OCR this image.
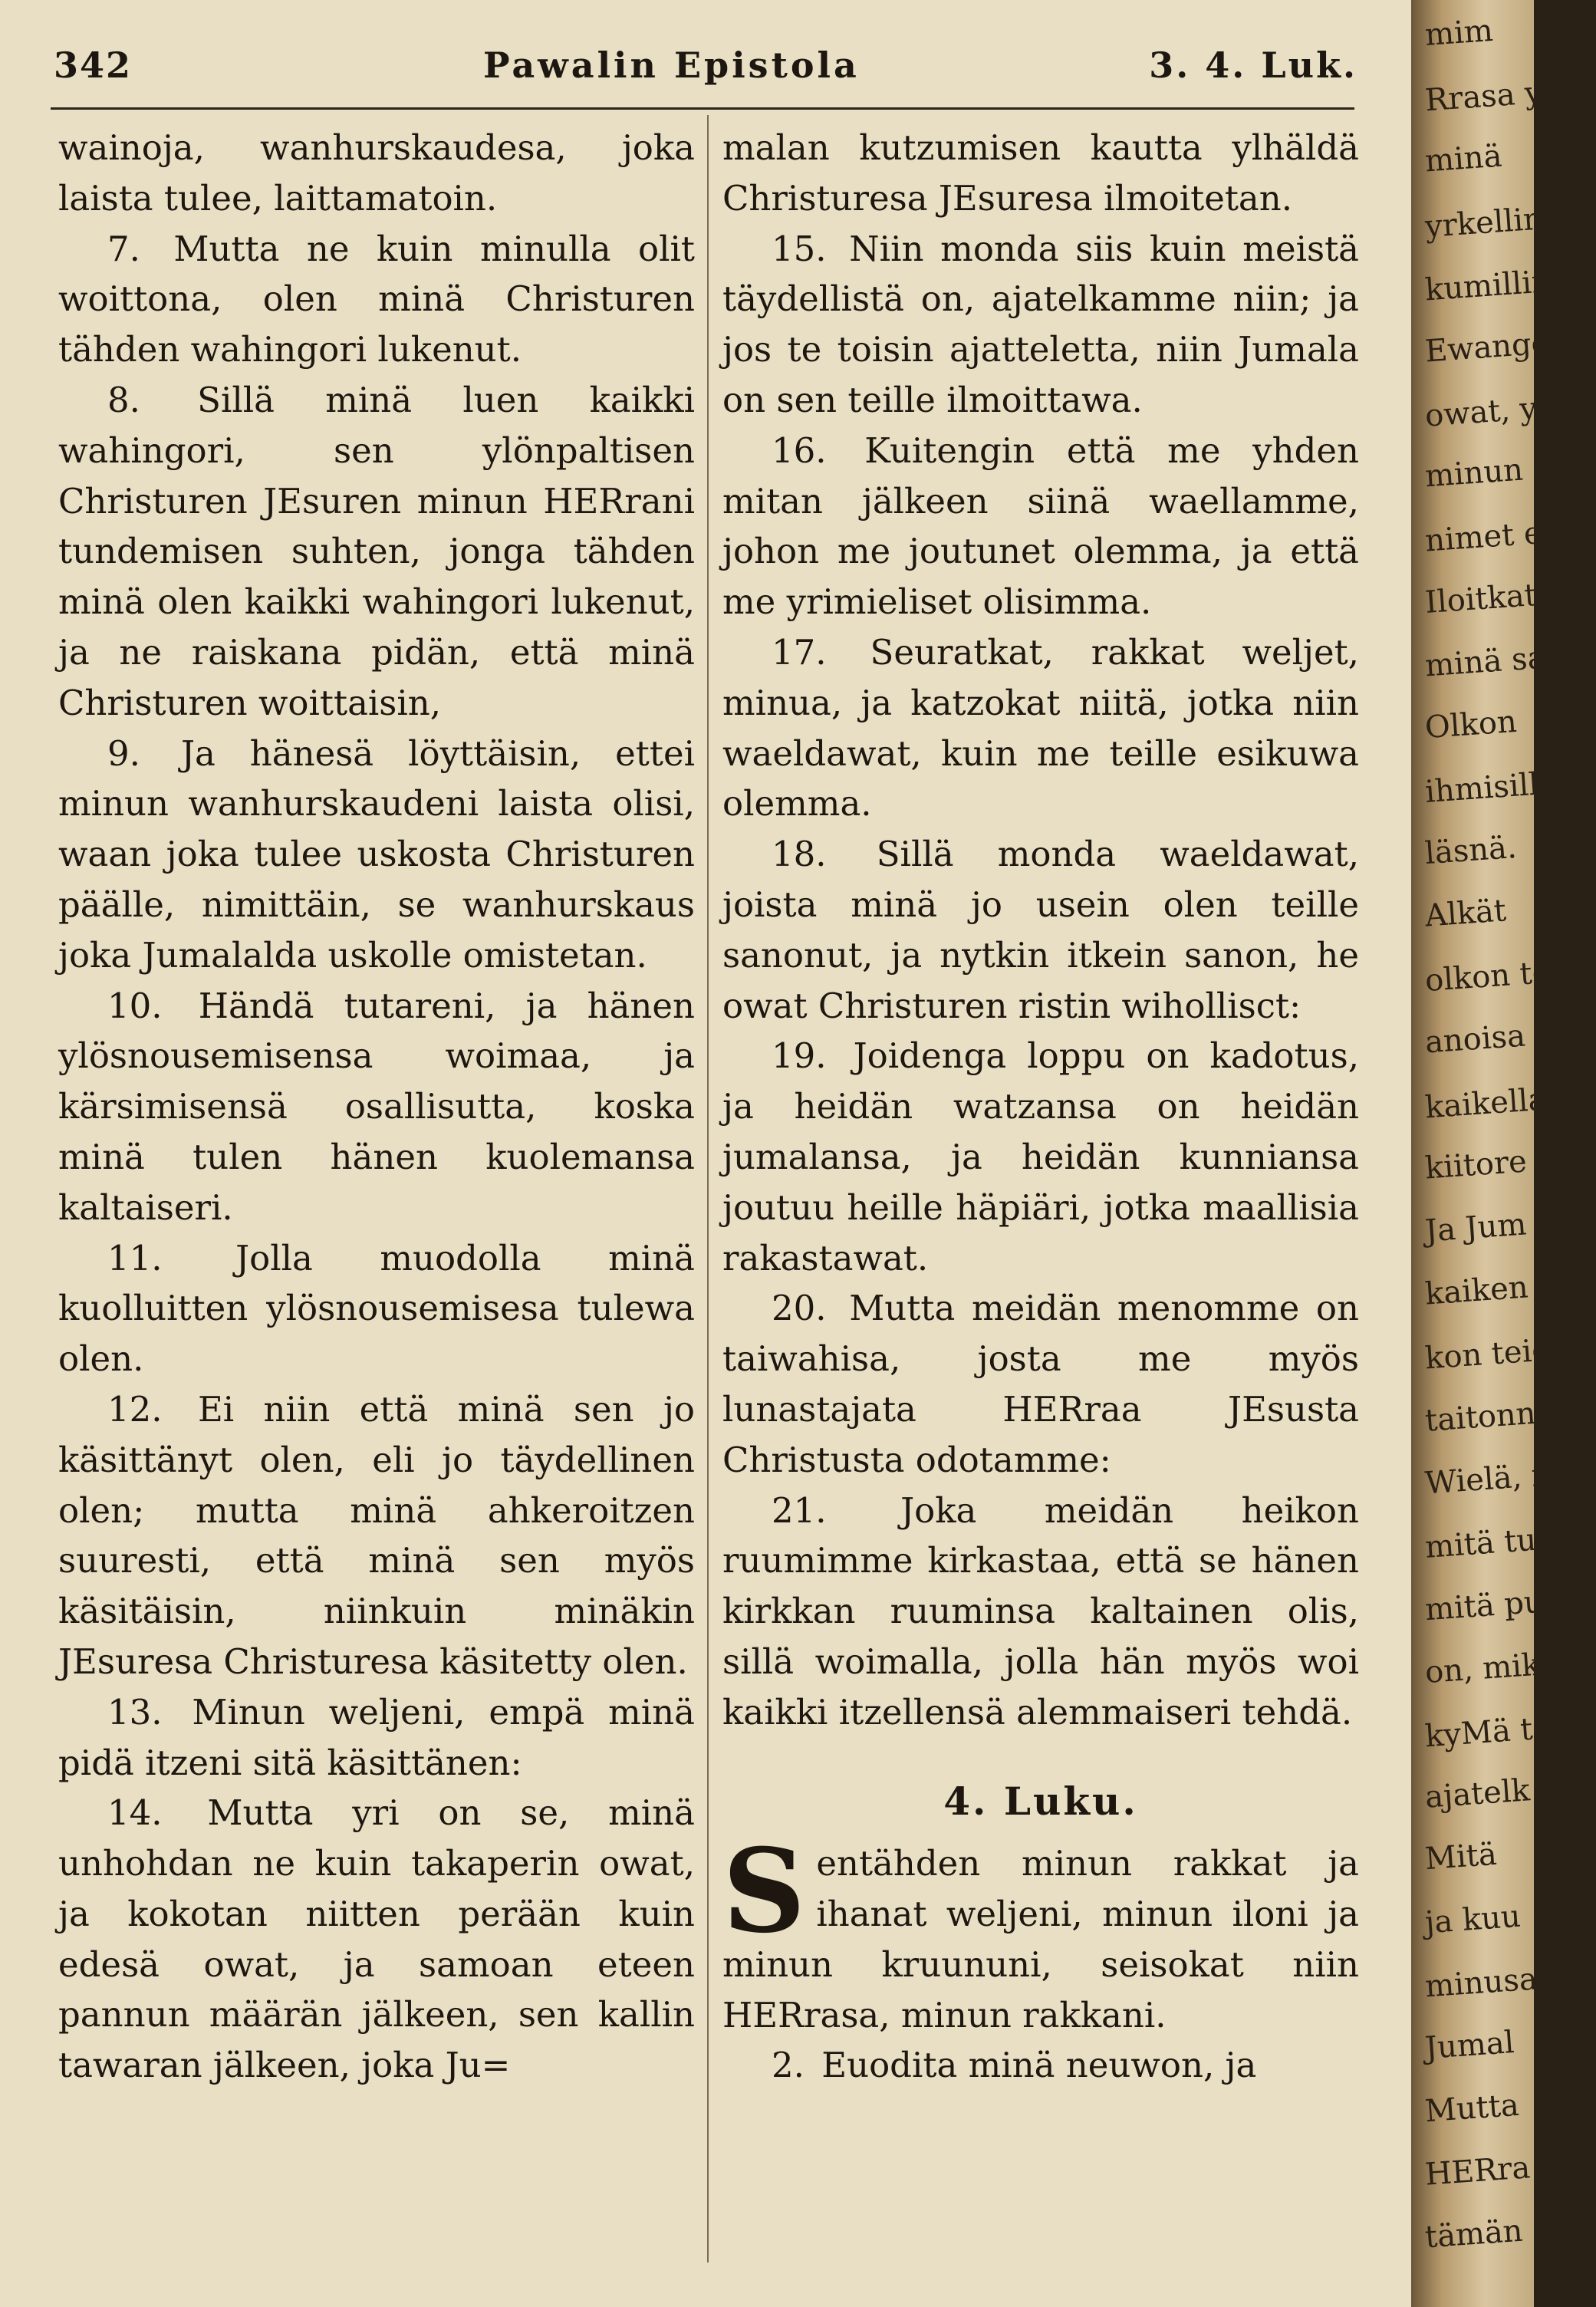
342	Pawalin Epistola	3. 4. Luk.

wainoja, wanhurskaudesa, joka laista tulee, laittamatoin.

7. Mutta ne kuin minulla olit woittona, olen minä Christuren tähden wahingori lukenut.

8. Sillä minä luen kaikki wahingori, sen ylönpaltisen Christuren JEsuren minun HERrani tundemisen suhten, jonga tähden minä olen kaikki wahingori lukenut, ja ne raiskana pidän, että minä Christuren woittaisin,

9. Ja hänesä löyttäisin, ettei minun wanhurskaudeni laista olisi, waan joka tulee uskosta Christuren päälle, nimittäin, se wanhurskaus joka Jumalalda uskolle omistetan.

10. Händä tutareni, ja hänen ylösnousemisensa woimaa, ja kärsimisensä osallisutta, koska minä tulen hänen kuolemansa kaltaiseri.

11. Jolla muodolla minä kuolluitten ylösnousemisesa tulewa olen.

12. Ei niin että minä sen jo käsittänyt olen, eli jo täydellinen olen; mutta minä ahkeroitzen suuresti, että minä sen myös käsitäisin, niinkuin minäkin JEsuresa Christuresa käsitetty olen.

13. Minun weljeni, empä minä pidä itzeni sitä käsittänen:

14. Mutta yri on se, minä unhohdan ne kuin takaperin owat, ja kokotan niitten perään kuin edesä owat, ja samoan eteen pannun määrän jälkeen, sen kallin tawaran jälkeen, joka Ju=

malan kutzumisen kautta ylhäldä Christuresa JEsuresa ilmoitetan.

15. Niin monda siis kuin meistä täydellistä on, ajatelkamme niin; ja jos te toisin ajatteletta, niin Jumala on sen teille ilmoittawa.

16. Kuitengin että me yhden mitan jälkeen siinä waellamme, johon me joutunet olemma, ja että me yrimieliset olisimma.

17. Seuratkat, rakkat weljet, minua, ja katzokat niitä, jotka niin waeldawat, kuin me teille esikuwa olemma.

18. Sillä monda waeldawat, joista minä jo usein olen teille sanonut, ja nytkin itkein sanon, he owat Christuren ristin wihollisct:

19. Joidenga loppu on kadotus, ja heidän watzansa on heidän jumalansa, ja heidän kunniansa joutuu heille häpiäri, jotka maallisia rakastawat.

20. Mutta meidän menomme on taiwahisa, josta me myös lunastajata HERraa JEsusta Christusta odotamme:

21. Joka meidän heikon ruumimme kirkastaa, että se hänen kirkkan ruuminsa kaltainen olis, sillä woimalla, jolla hän myös woi kaikki itzellensä alemmaiseri tehdä.

4. Luku.

Sentähden minun rakkat ja ihanat weljeni, minun iloni ja minun kruununi, seisokat niin HERrasa, minun rakkani.

2. Euodita minä neuwon, ja

mim
Rrasa yri
minä
yrkellinen
kumillinen
Ewange
owat, ynnä
minun
nimet elä
Iloitkat
minä sa
Olkon
ihmisille
läsnä.
Alkät
olkon tei
anoisa
kaikella ru
kiitore
Ja Jum
kaiken
kon teidä
taitonne
Wielä, r
mitä tunn
mitä puh
on, mikä
kyMä tapa
ajatelk
Mitä
ja kuu
minusa,
Jumal
Mutta
HERra
tämän
